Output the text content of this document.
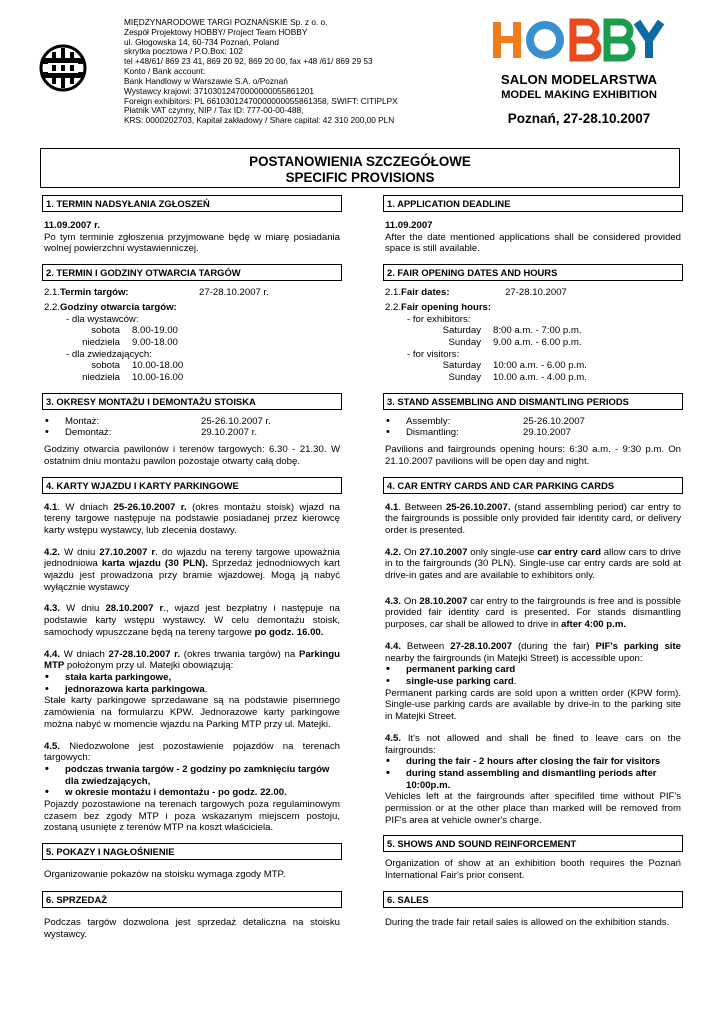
MIĘDZYNARODOWE TARGI POZNAŃSKIE Sp. z o. o.
Zespół Projektowy HOBBY/ Project Team HOBBY
ul. Głogowska 14, 60-734 Poznań, Poland
skrytka pocztowa / P.O.Box: 102
tel +48/61/ 869 23 41, 869 20 92, 869 20 00, fax +48 /61/ 869 29 53
Konto / Bank account:
Bank Handlowy w Warszawie S.A. o/Poznań
Wystawcy krajowi: 37103012470000000055861201
Foreign exhibitors: PL 66103012470000000055861358, SWIFT: CITIPLPX
Płatnik VAT czynny, NIP / Tax ID: 777-00-00-488,
KRS: 0000202703, Kapitał zakładowy / Share capital: 42 310 200,00 PLN
SALON MODELARSTWA
MODEL MAKING EXHIBITION
Poznań, 27-28.10.2007
POSTANOWIENIA SZCZEGÓŁOWE
SPECIFIC PROVISIONS
1. TERMIN NADSYŁANIA ZGŁOSZEŃ
11.09.2007 r.
Po tym terminie zgłoszenia przyjmowane będę w miarę posiadania wolnej powierzchni wystawienniczej.
2. TERMIN I GODZINY OTWARCIA TARGÓW
2.1.Termin targów:	27-28.10.2007 r.
2.2.Godziny otwarcia targów:
- dla wystawców:
sobota 8.00-19.00
niedziela 9.00-18.00
- dla zwiedzających:
sobota 10.00-18.00
niedziela 10.00-16.00
3. OKRESY MONTAŻU I DEMONTAŻU STOISKA
• Montaż:	25-26.10.2007 r.
• Demontaż:	29.10.2007 r.
Godziny otwarcia pawilonów i terenów targowych: 6.30 - 21.30. W ostatnim dniu montażu pawilon pozostaje otwarty całą dobę.
4. KARTY WJAZDU I KARTY PARKINGOWE
4.1. W dniach 25-26.10.2007 r. (okres montażu stoisk) wjazd na tereny targowe następuje na podstawie posiadanej przez kierowcę karty wstępu wystawcy, lub zlecenia dostawy.
4.2. W dniu 27.10.2007 r. do wjazdu na tereny targowe upoważnia jednodniowa karta wjazdu (30 PLN). Sprzedaż jednodniowych kart wjazdu jest prowadzona przy bramie wjazdowej. Mogą ją nabyć wyłącznie wystawcy
4.3. W dniu 28.10.2007 r., wjazd jest bezpłatny i następuje na podstawie karty wstępu wystawcy. W celu demontażu stoisk, samochody wpuszczane będą na tereny targowe po godz. 16.00.
4.4. W dniach 27-28.10.2007 r. (okres trwania targów) na Parkingu MTP położonym przy ul. Matejki obowiązują:
• stała karta parkingowe,
• jednorazowa karta parkingowa.
Stałe karty parkingowe sprzedawane są na podstawie pisemnego zamówienia na formularzu KPW. Jednorazowe karty parkingowe można nabyć w momencie wjazdu na Parking MTP przy ul. Matejki.
4.5. Niedozwolone jest pozostawienie pojazdów na terenach targowych:
• podczas trwania targów - 2 godziny po zamknięciu targów dla zwiedzających,
• w okresie montażu i demontażu - po godz. 22.00.
Pojazdy pozostawione na terenach targowych poza regulaminowym czasem bez zgody MTP i poza wskazanym miejscem postoju, zostaną usunięte z terenów MTP na koszt właściciela.
5. POKAZY I NAGŁOŚNIENIE
Organizowanie pokazów na stoisku wymaga zgody MTP.
6. SPRZEDAŻ
Podczas targów dozwolona jest sprzedaż detaliczna na stoisku wystawcy.
1. APPLICATION DEADLINE
11.09.2007
After the date mentioned applications shall be considered provided space is still available.
2. FAIR OPENING DATES AND HOURS
2.1.Fair dates:	27-28.10.2007
2.2.Fair opening hours:
- for exhibitors:
Saturday 8:00 a.m. - 7:00 p.m.
Sunday 9.00 a.m. - 6.00 p.m.
- for visitors:
Saturday 10:00 a.m. - 6.00 p.m.
Sunday 10.00 a.m. - 4.00 p.m.
3. STAND ASSEMBLING AND DISMANTLING PERIODS
• Assembly:	25-26.10.2007
• Dismantling:	29.10.2007
Pavilions and fairgrounds opening hours: 6:30 a.m. - 9:30 p.m. On 21.10.2007 pavilions will be open day and night.
4. CAR ENTRY CARDS AND CAR PARKING CARDS
4.1. Between 25-26.10.2007. (stand assembling period) car entry to the fairgrounds is possible only provided fair identity card, or delivery order is presented.
4.2. On 27.10.2007 only single-use car entry card allow cars to drive in to the fairgrounds (30 PLN). Single-use car entry cards are sold at drive-in gates and are available to exhibitors only.
4.3. On 28.10.2007 car entry to the fairgrounds is free and is possible provided fair identity card is presented. For stands dismantling purposes, car shall be allowed to drive in after 4:00 p.m.
4.4. Between 27-28.10.2007 (during the fair) PIF's parking site nearby the fairgrounds (in Matejki Street) is accessible upon:
• permanent parking card
• single-use parking card.
Permanent parking cards are sold upon a written order (KPW form). Single-use parking cards are available by drive-in to the parking site in Matejki Street.
4.5. It's not allowed and shall be fined to leave cars on the fairgrounds:
• during the fair - 2 hours after closing the fair for visitors
• during stand assembling and dismantling periods after 10:00p.m.
Vehicles left at the fairgrounds after specifiled time without PIF's permission or at the other place than marked will be removed from PIF's area at vehicle owner's charge.
5. SHOWS AND SOUND REINFORCEMENT
Organization of show at an exhibition booth requires the Poznań International Fair's prior consent.
6. SALES
During the trade fair retail sales is allowed on the exhibition stands.
